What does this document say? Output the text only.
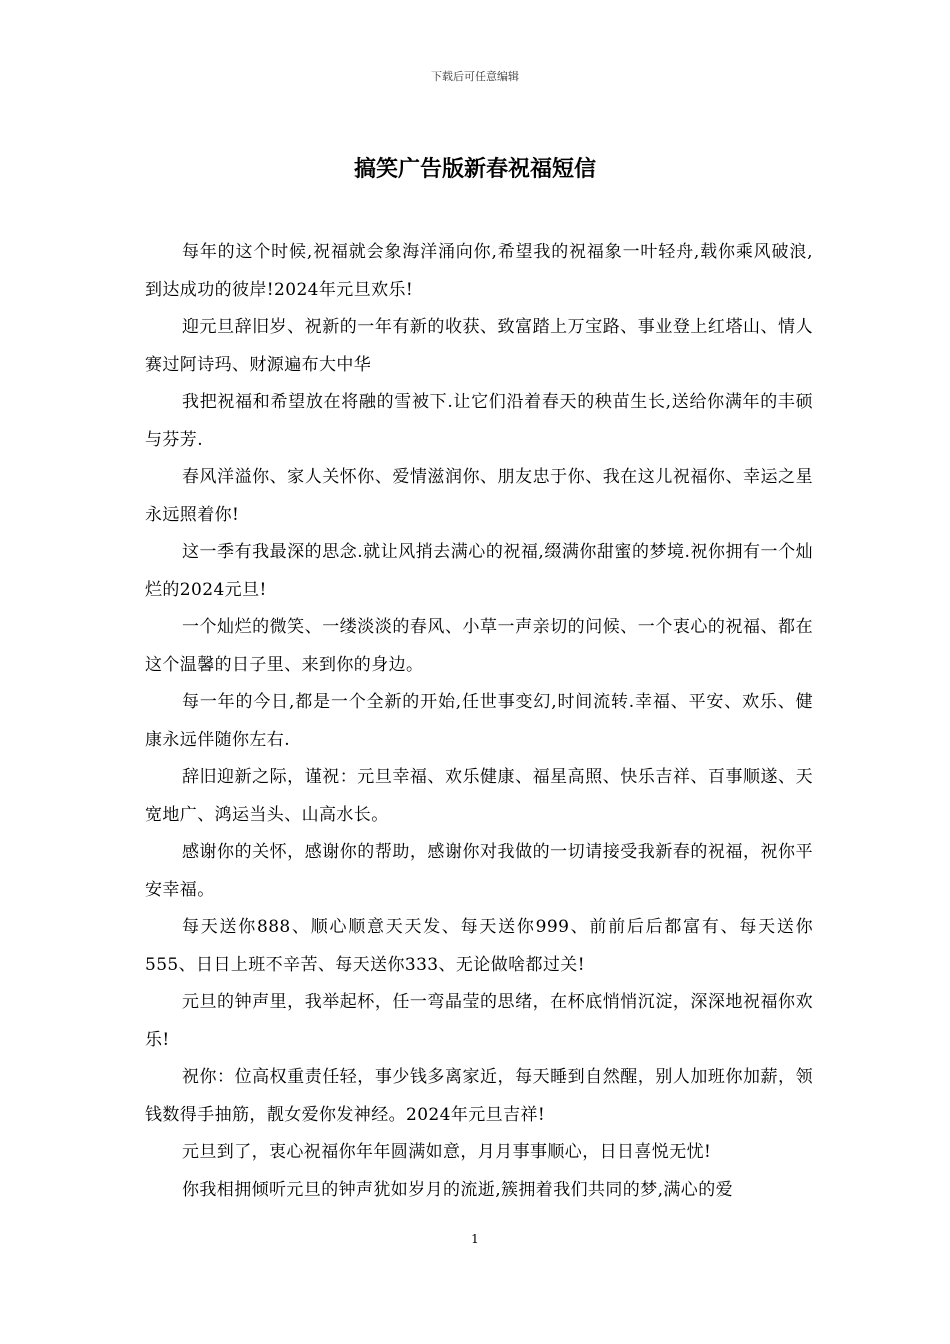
下载后可任意编辑
搞笑广告版新春祝福短信

每年的这个时候,祝福就会象海洋涌向你,希望我的祝福象一叶轻舟,载你乘风破浪,到达成功的彼岸!2024年元旦欢乐!

迎元旦辞旧岁、祝新的一年有新的收获、致富踏上万宝路、事业登上红塔山、情人赛过阿诗玛、财源遍布大中华

我把祝福和希望放在将融的雪被下.让它们沿着春天的秧苗生长,送给你满年的丰硕与芬芳.

春风洋溢你、家人关怀你、爱情滋润你、朋友忠于你、我在这儿祝福你、幸运之星永远照着你!

这一季有我最深的思念.就让风捎去满心的祝福,缀满你甜蜜的梦境.祝你拥有一个灿烂的2024元旦!

一个灿烂的微笑、一缕淡淡的春风、小草一声亲切的问候、一个衷心的祝福、都在这个温馨的日子里、来到你的身边。

每一年的今日,都是一个全新的开始,任世事变幻,时间流转.幸福、平安、欢乐、健康永远伴随你左右.

辞旧迎新之际，谨祝：元旦幸福、欢乐健康、福星高照、快乐吉祥、百事顺遂、天宽地广、鸿运当头、山高水长。

感谢你的关怀，感谢你的帮助，感谢你对我做的一切请接受我新春的祝福，祝你平安幸福。

每天送你888、顺心顺意天天发、每天送你999、前前后后都富有、每天送你555、日日上班不辛苦、每天送你333、无论做啥都过关!

元旦的钟声里，我举起杯，任一弯晶莹的思绪，在杯底悄悄沉淀，深深地祝福你欢乐!

祝你：位高权重责任轻，事少钱多离家近，每天睡到自然醒，别人加班你加薪，领钱数得手抽筋，靓女爱你发神经。2024年元旦吉祥!

元旦到了，衷心祝福你年年圆满如意，月月事事顺心，日日喜悦无忧!

你我相拥倾听元旦的钟声犹如岁月的流逝,簇拥着我们共同的梦,满心的爱

1
